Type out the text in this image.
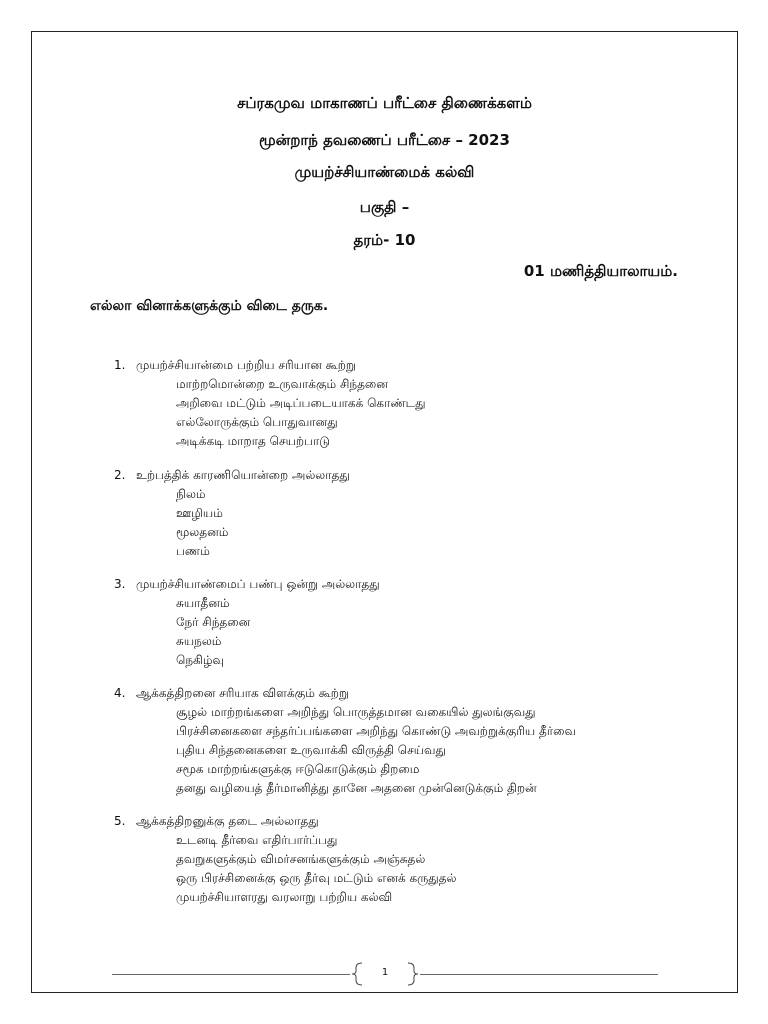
சப்ரகமுவ மாகாணப் பரீட்சை திணைக்களம்

மூன்றாந் தவணைப் பரீட்சை – 2023

முயற்ச்சியாண்மைக் கல்வி

பகுதி –

தரம்- 10

01 மணித்தியாலாயம்.

எல்லா வினாக்களுக்கும் விடை தருக.

1. முயற்ச்சியான்மை பற்றிய சரியான கூற்று
மாற்றமொன்றை உருவாக்கும் சிந்தனை
அறிவை மட்டும் அடிப்படையாகக் கொண்டது
எல்லோருக்கும் பொதுவானது
அடிக்கடி மாறாத செயற்பாடு
2. உற்பத்திக் காரணியொன்றை அல்லாதது
நிலம்
ஊழியம்
மூலதனம்
பணம்
3. முயற்ச்சியாண்மைப் பண்பு ஒன்று அல்லாதது
சுயாதீனம்
நேர் சிந்தனை
சுயநலம்
நெகிழ்வு
4. ஆக்கத்திறனை சரியாக விளக்கும் கூற்று
சூழல் மாற்றங்களை அறிந்து பொருத்தமான வகையில் துலங்குவது
பிரச்சினைகளை சந்தர்ப்பங்களை அறிந்து கொண்டு அவற்றுக்குரிய தீர்வை
புதிய சிந்தனைகளை உருவாக்கி விருத்தி செய்வது
சமூக மாற்றங்களுக்கு ஈடுகொடுக்கும் திறமை
தனது வழியைத் தீர்மானித்து தானே அதனை முன்னெடுக்கும் திறன்
5. ஆக்கத்திறனுக்கு தடை அல்லாதது
உடனடி தீர்வை எதிர்பார்ப்பது
தவறுகளுக்கும் விமர்சனங்களுக்கும் அஞ்சுதல்
ஒரு பிரச்சினைக்கு ஒரு தீர்வு மட்டும் எனக் கருதுதல்
முயற்ச்சியாளரது வரலாறு பற்றிய கல்வி
1
